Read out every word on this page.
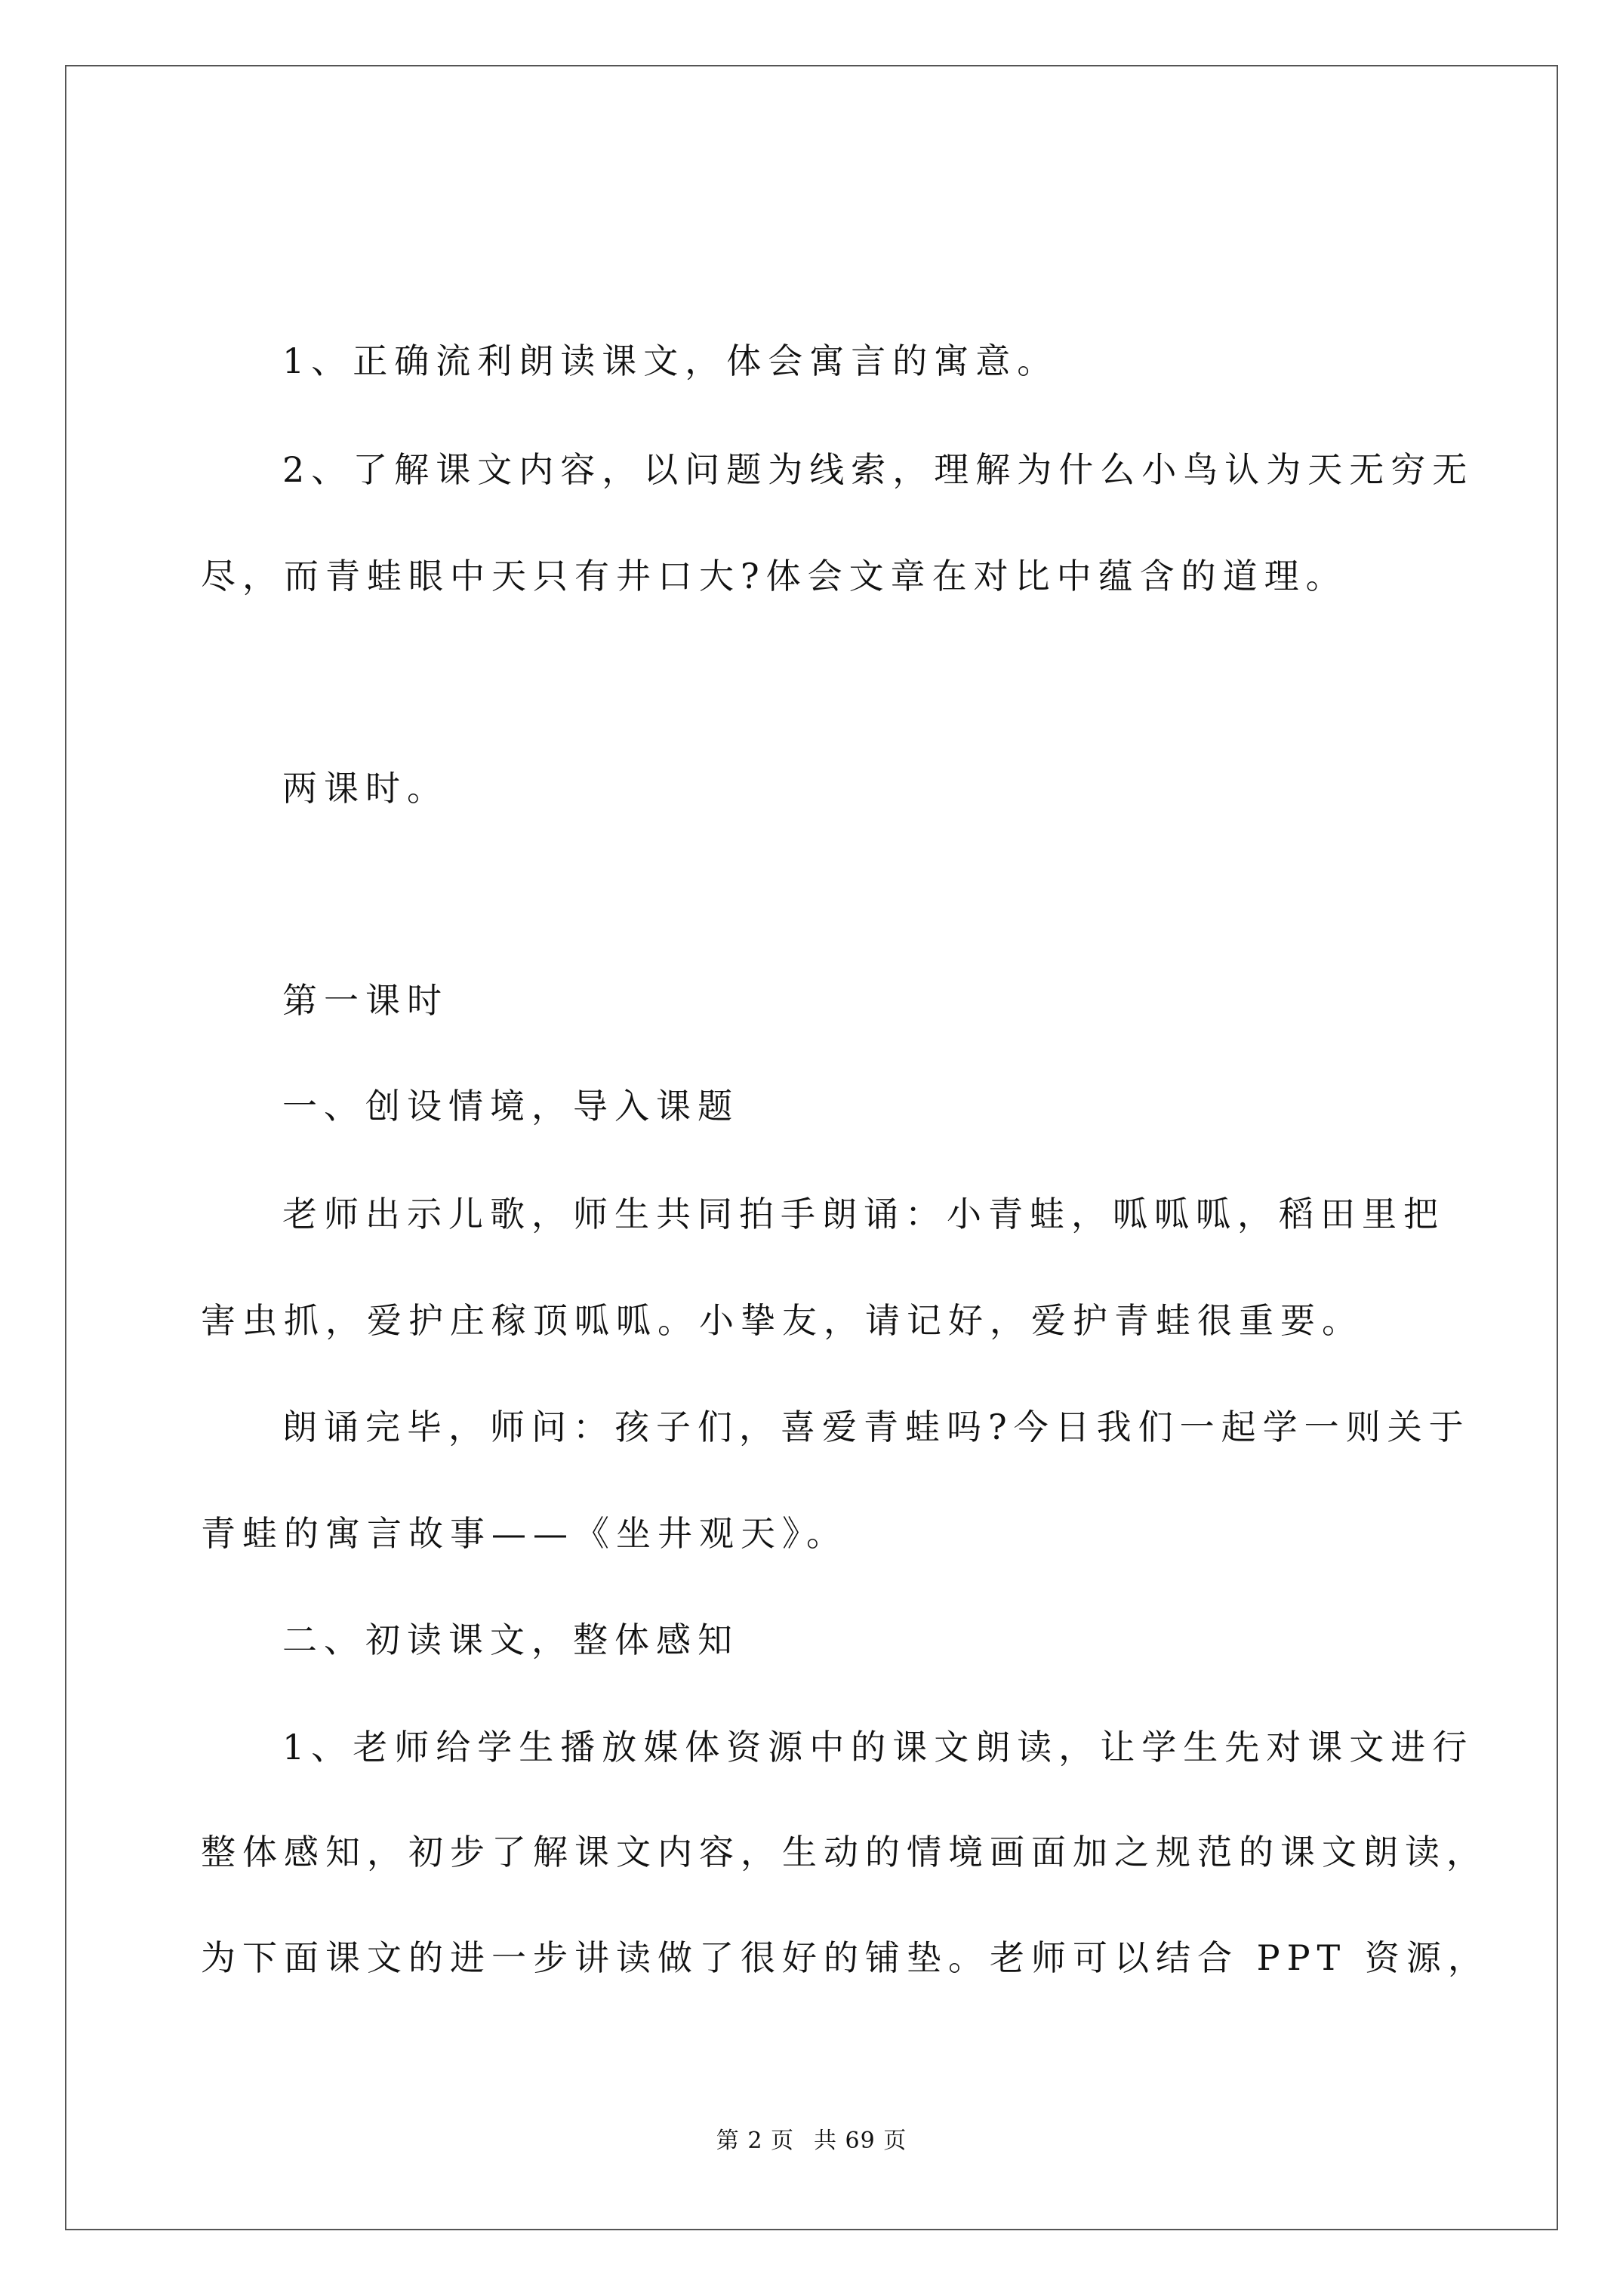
1、正确流利朗读课文，体会寓言的寓意。
2、了解课文内容，以问题为线索，理解为什么小鸟认为天无穷无
尽，而青蛙眼中天只有井口大?体会文章在对比中蕴含的道理。
两课时。
第一课时
一、创设情境，导入课题
老师出示儿歌，师生共同拍手朗诵：小青蛙，呱呱呱，稻田里把
害虫抓，爱护庄稼顶呱呱。小挚友，请记好，爱护青蛙很重要。
朗诵完毕，师问：孩子们，喜爱青蛙吗?今日我们一起学一则关于
青蛙的寓言故事——《坐井观天》。
二、初读课文，整体感知
1、老师给学生播放媒体资源中的课文朗读，让学生先对课文进行
整体感知，初步了解课文内容，生动的情境画面加之规范的课文朗读，
为下面课文的进一步讲读做了很好的铺垫。老师可以结合 PPT 资源，
第 2 页 共 69 页
